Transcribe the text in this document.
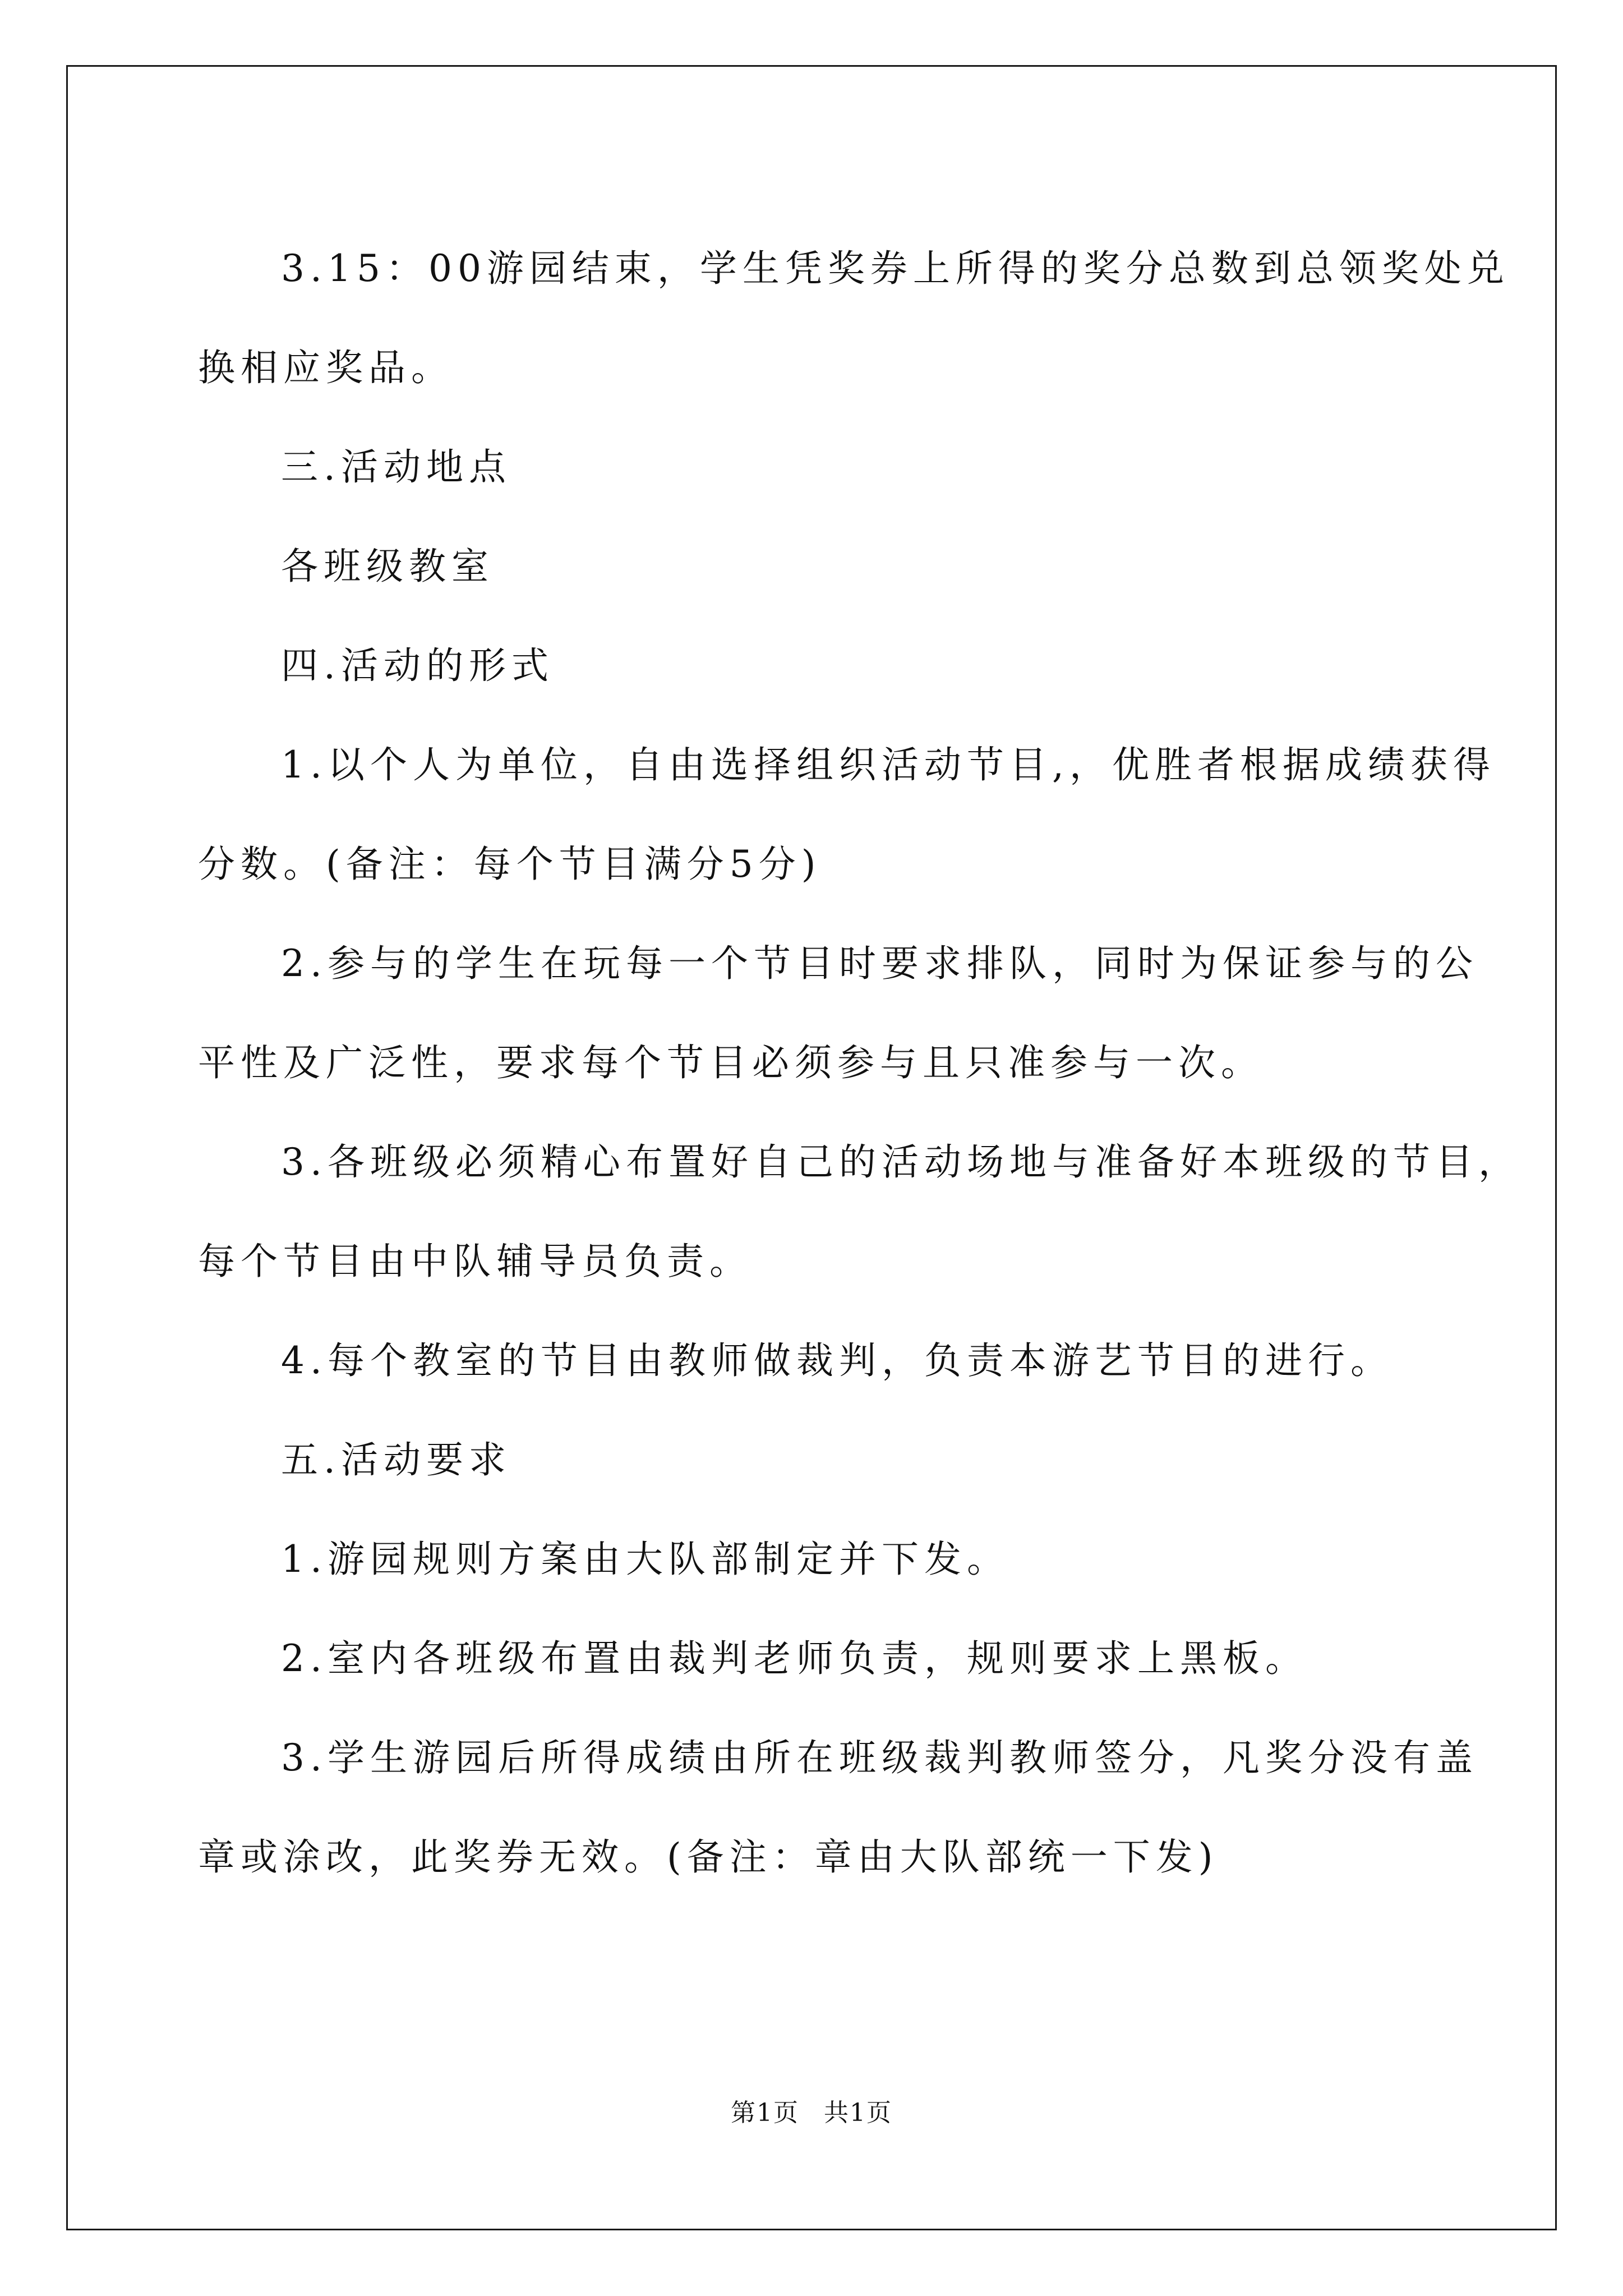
3.15：00游园结束，学生凭奖券上所得的奖分总数到总领奖处兑

换相应奖品。

三.活动地点

各班级教室

四.活动的形式

1.以个人为单位，自由选择组织活动节目,，优胜者根据成绩获得

分数。(备注：每个节目满分5分)

2.参与的学生在玩每一个节目时要求排队，同时为保证参与的公

平性及广泛性，要求每个节目必须参与且只准参与一次。

3.各班级必须精心布置好自己的活动场地与准备好本班级的节目，

每个节目由中队辅导员负责。

4.每个教室的节目由教师做裁判，负责本游艺节目的进行。

五.活动要求

1.游园规则方案由大队部制定并下发。

2.室内各班级布置由裁判老师负责，规则要求上黑板。

3.学生游园后所得成绩由所在班级裁判教师签分，凡奖分没有盖

章或涂改，此奖券无效。(备注：章由大队部统一下发)

第1页 共1页
